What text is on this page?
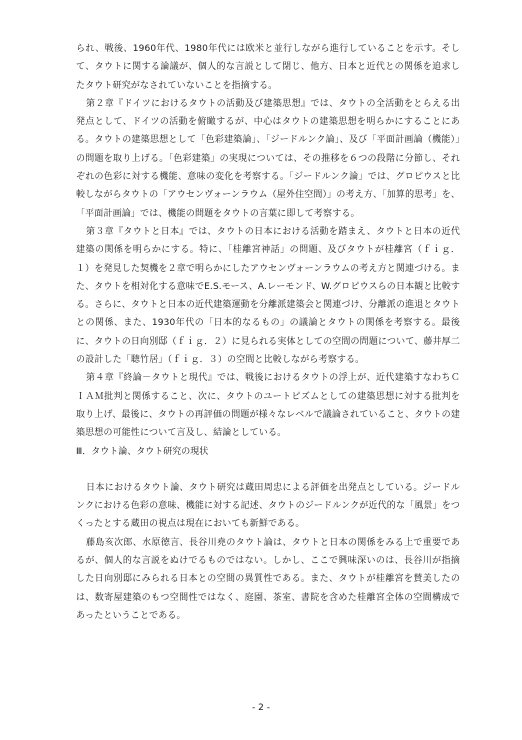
られ、戦後、1960年代、1980年代には欧米と並行しながら進行していることを示す。そして、タウトに関する論議が、個人的な言説として閉じ、他方、日本と近代との関係を追求したタウト研究がなされていないことを指摘する。

第２章『ドイツにおけるタウトの活動及び建築思想』では、タウトの全活動をとらえる出発点として、ドイツの活動を俯瞰するが、中心はタウトの建築思想を明らかにすることにある。タウトの建築思想として「色彩建築論」、「ジードルンク論」、及び「平面計画論（機能）」の問題を取り上げる。「色彩建築」の実現については、その推移を６つの段階に分節し、それぞれの色彩に対する機能、意味の変化を考察する。「ジードルンク論」では、グロピウスと比較しながらタウトの「アウセンヴォーンラウム（屋外住空間）」の考え方、「加算的思考」を、「平面計画論」では、機能の問題をタウトの言葉に即して考察する。

第３章『タウトと日本』では、タウトの日本における活動を踏まえ、タウトと日本の近代建築の関係を明らかにする。特に、「桂離宮神話」の問題、及びタウトが桂離宮（ｆｉｇ．１）を発見した契機を２章で明らかにしたアウセンヴォーンラウムの考え方と関連づける。また、タウトを相対化する意味でE.S.モース、A.レーモンド、W.グロピウスらの日本観と比較する。さらに、タウトと日本の近代建築運動を分離派建築会と関連づけ、分離派の進退とタウトとの関係、また、1930年代の「日本的なるもの」の議論とタウトの関係を考察する。最後に、タウトの日向別邸（ｆｉｇ．２）に見られる実体としての空間の問題について、藤井厚二の設計した「聴竹居」（ｆｉｇ．３）の空間と比較しながら考察する。

第４章『終論－タウトと現代』では、戦後におけるタウトの浮上が、近代建築すなわちＣＩＡＭ批判と関係すること、次に、タウトのユートピズムとしての建築思想に対する批判を取り上げ、最後に、タウトの再評価の問題が様々なレベルで議論されていること、タウトの建築思想の可能性について言及し、結論としている。

Ⅲ．タウト論、タウト研究の現状

日本におけるタウト論、タウト研究は蔵田周忠による評価を出発点としている。ジードルンクにおける色彩の意味、機能に対する記述、タウトのジードルンクが近代的な「風景」をつくったとする蔵田の視点は現在においても新鮮である。

藤島亥次郎、水原徳言、長谷川堯のタウト論は、タウトと日本の関係をみる上で重要であるが、個人的な言説をぬけでるものではない。しかし、ここで興味深いのは、長谷川が指摘した日向別邸にみられる日本との空間の異質性である。また、タウトが桂離宮を賛美したのは、数寄屋建築のもつ空間性ではなく、庭園、茶室、書院を含めた桂離宮全体の空間構成であったということである。

- 2 -
